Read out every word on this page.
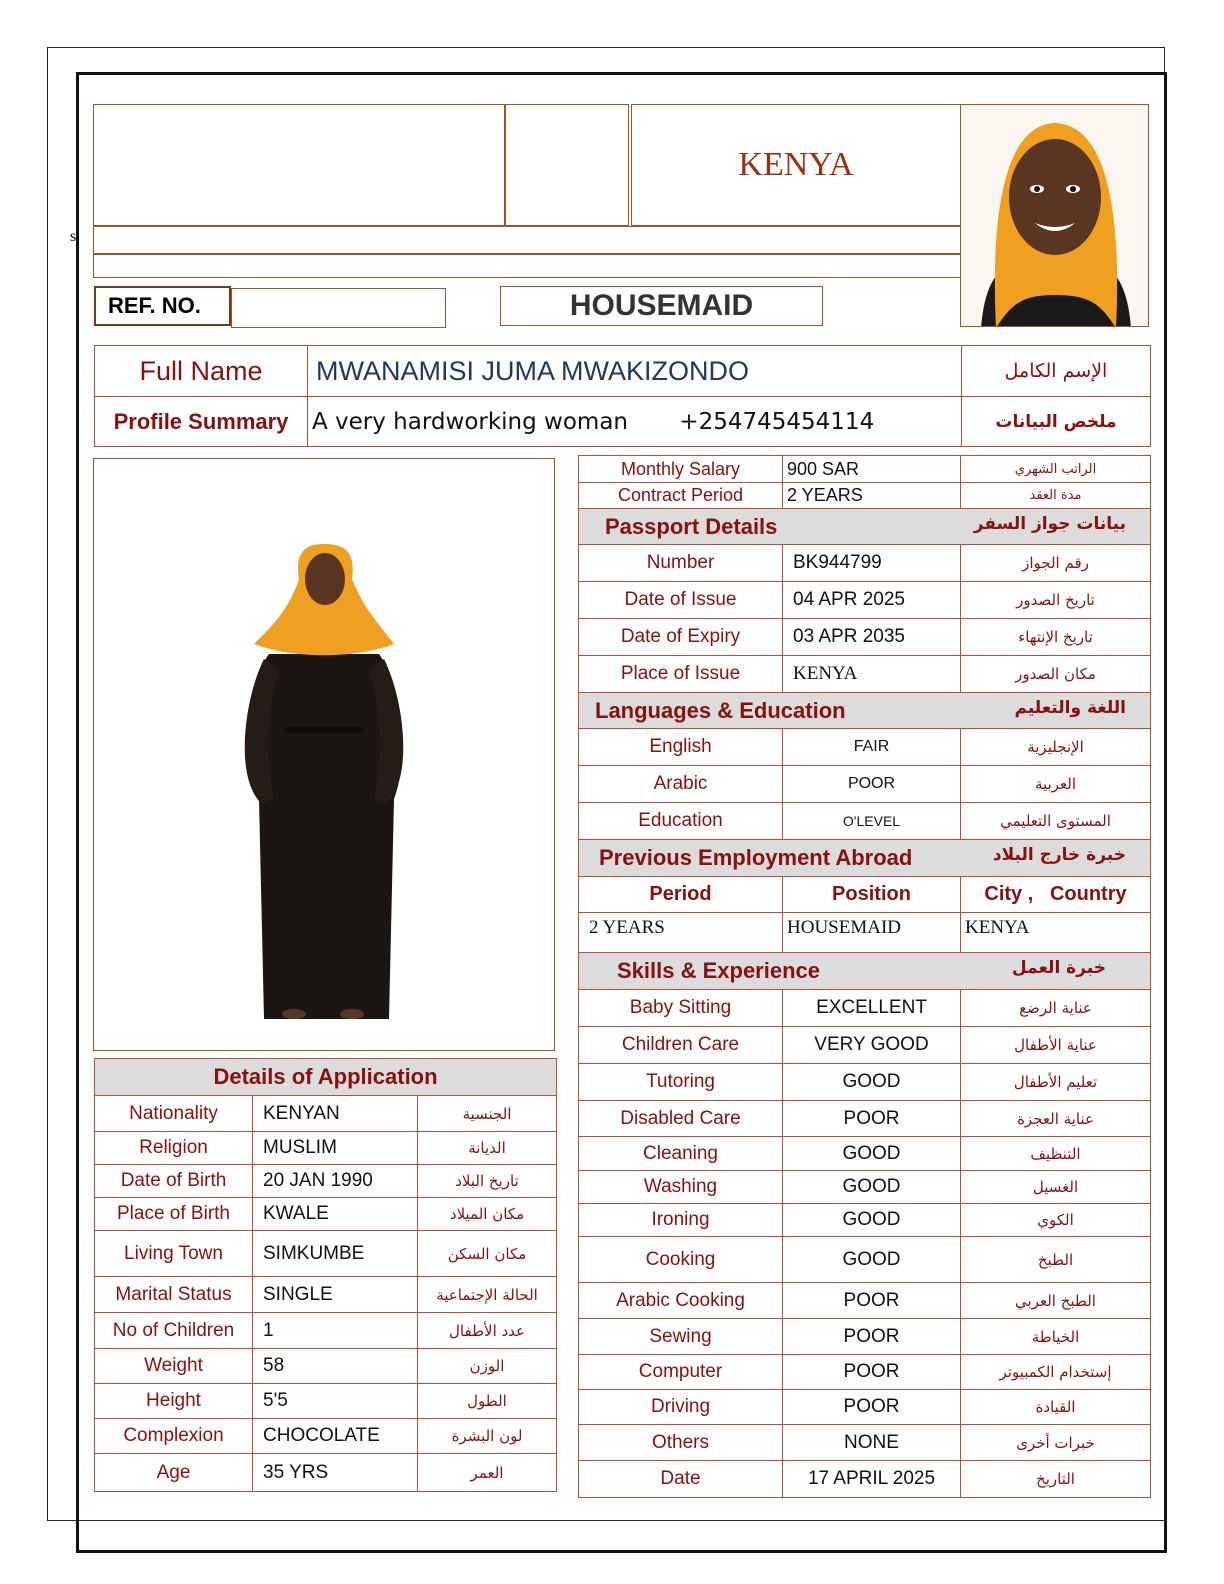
s
KENYA
REF. NO.	HOUSEMAID
Full Name	MWANAMISI JUMA MWAKIZONDO	الإسم الكامل
Profile Summary	A very hardworking woman +254745454114	ملخص البيانات
Details of Application		
Nationality	KENYAN	الجنسية
Religion	MUSLIM	الديانة
Date of Birth	20 JAN 1990	تاريخ البلاد
Place of Birth	KWALE	مكان الميلاد
Living Town	SIMKUMBE	مكان السكن
Marital Status	SINGLE	الحالة الإجتماعية
No of Children	1	عدد الأطفال
Weight	58	الوزن
Height	5'5	الطول
Complexion	CHOCOLATE	لون البشرة
Age	35 YRS	العمر
Monthly Salary	900 SAR	الراتب الشهري
Contract Period	2 YEARS	مدة العقد
Passport Details بيانات جواز السفر		

Number	BK944799	رقم الجواز
Date of Issue	04 APR 2025	تاريخ الصدور
Date of Expiry	03 APR 2035	تاريخ الإنتهاء
Place of Issue	KENYA	مكان الصدور
Languages & Education اللغة والتعليم		

English	FAIR	الإنجليزية
Arabic	POOR	العربية
Education	O'LEVEL	المستوى التعليمي
Previous Employment Abroad خبرة خارج البلاد		

Period	Position	City ,   Country
2 YEARS	HOUSEMAID	KENYA
Skills & Experience خبرة العمل		

Baby Sitting	EXCELLENT	عناية الرضع
Children Care	VERY GOOD	عناية الأطفال
Tutoring	GOOD	تعليم الأطفال
Disabled Care	POOR	عناية العجزة
Cleaning	GOOD	التنظيف
Washing	GOOD	الغسيل
Ironing	GOOD	الكوي
Cooking	GOOD	الطبخ
Arabic Cooking	POOR	الطبخ العربي
Sewing	POOR	الخياطة
Computer	POOR	إستخدام الكمبيوتر
Driving	POOR	القيادة
Others	NONE	خبرات أخرى
Date	17 APRIL 2025	التاريخ
